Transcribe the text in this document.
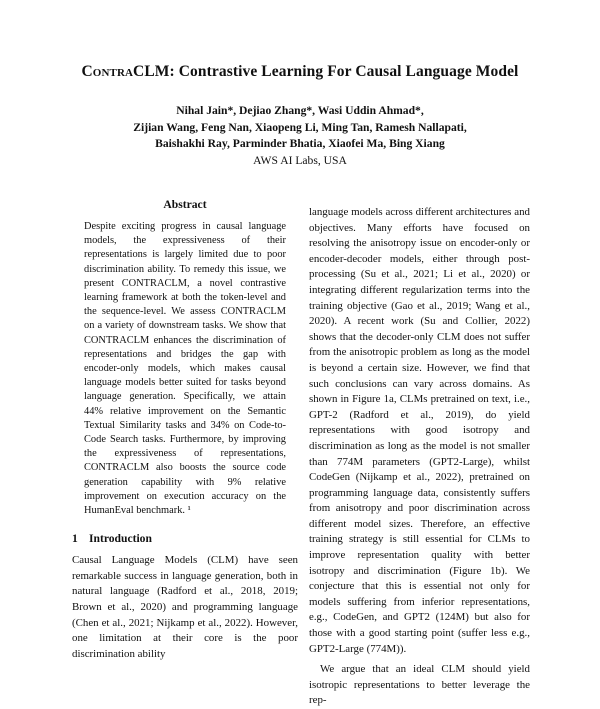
ContraCLM: Contrastive Learning For Causal Language Model
Nihal Jain*, Dejiao Zhang*, Wasi Uddin Ahmad*,
Zijian Wang, Feng Nan, Xiaopeng Li, Ming Tan, Ramesh Nallapati,
Baishakhi Ray, Parminder Bhatia, Xiaofei Ma, Bing Xiang
AWS AI Labs, USA
Abstract

Despite exciting progress in causal language models, the expressiveness of their representations is largely limited due to poor discrimination ability. To remedy this issue, we present CONTRACLM, a novel contrastive learning framework at both the token-level and the sequence-level. We assess CONTRACLM on a variety of downstream tasks. We show that CONTRACLM enhances the discrimination of representations and bridges the gap with encoder-only models, which makes causal language models better suited for tasks beyond language generation. Specifically, we attain 44% relative improvement on the Semantic Textual Similarity tasks and 34% on Code-to-Code Search tasks. Furthermore, by improving the expressiveness of representations, CONTRACLM also boosts the source code generation capability with 9% relative improvement on execution accuracy on the HumanEval benchmark. ¹

1 Introduction

Causal Language Models (CLM) have seen remarkable success in language generation, both in natural language (Radford et al., 2018, 2019; Brown et al., 2020) and programming language (Chen et al., 2021; Nijkamp et al., 2022). However, one limitation at their core is the poor discrimination ability

language models across different architectures and objectives. Many efforts have focused on resolving the anisotropy issue on encoder-only or encoder-decoder models, either through post-processing (Su et al., 2021; Li et al., 2020) or integrating different regularization terms into the training objective (Gao et al., 2019; Wang et al., 2020). A recent work (Su and Collier, 2022) shows that the decoder-only CLM does not suffer from the anisotropic problem as long as the model is beyond a certain size. However, we find that such conclusions can vary across domains. As shown in Figure 1a, CLMs pretrained on text, i.e., GPT-2 (Radford et al., 2019), do yield representations with good isotropy and discrimination as long as the model is not smaller than 774M parameters (GPT2-Large), whilst CodeGen (Nijkamp et al., 2022), pretrained on programming language data, consistently suffers from anisotropy and poor discrimination across different model sizes. Therefore, an effective training strategy is still essential for CLMs to improve representation quality with better isotropy and discrimination (Figure 1b). We conjecture that this is essential not only for models suffering from inferior representations, e.g., CodeGen, and GPT2 (124M) but also for those with a good starting point (suffer less e.g., GPT2-Large (774M)).

We argue that an ideal CLM should yield isotropic representations to better leverage the rep-
